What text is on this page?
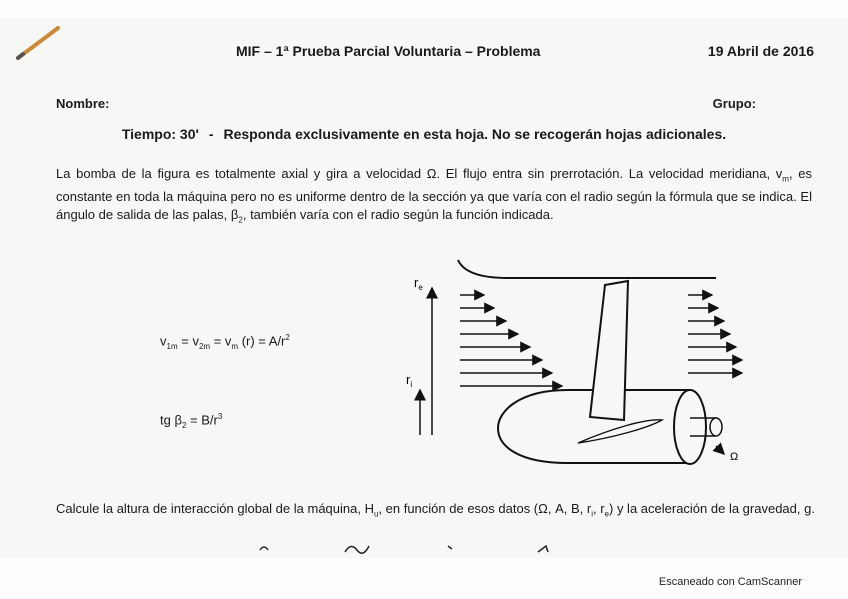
MIF – 1ª Prueba Parcial Voluntaria – Problema	19 Abril de 2016
Nombre:	Grupo:
Tiempo: 30' - Responda exclusivamente en esta hoja. No se recogerán hojas adicionales.
La bomba de la figura es totalmente axial y gira a velocidad Ω. El flujo entra sin prerrotación. La velocidad meridiana, $v_m$, es constante en toda la máquina pero no es uniforme dentro de la sección ya que varía con el radio según la fórmula que se indica. El ángulo de salida de las palas, $\beta_2$, también varía con el radio según la función indicada.
$v_{1m} = v_{2m} = v_m$ $(r) = A/r^2$
tg $\beta_2 = B/r^3$
$r_e$
$r_i$
Ω
Calcule la altura de interacción global de la máquina, $H_u$, en función de esos datos (Ω, A, B, $r_i$, $r_e$) y la aceleración de la gravedad, g.
Escaneado con CamScanner
